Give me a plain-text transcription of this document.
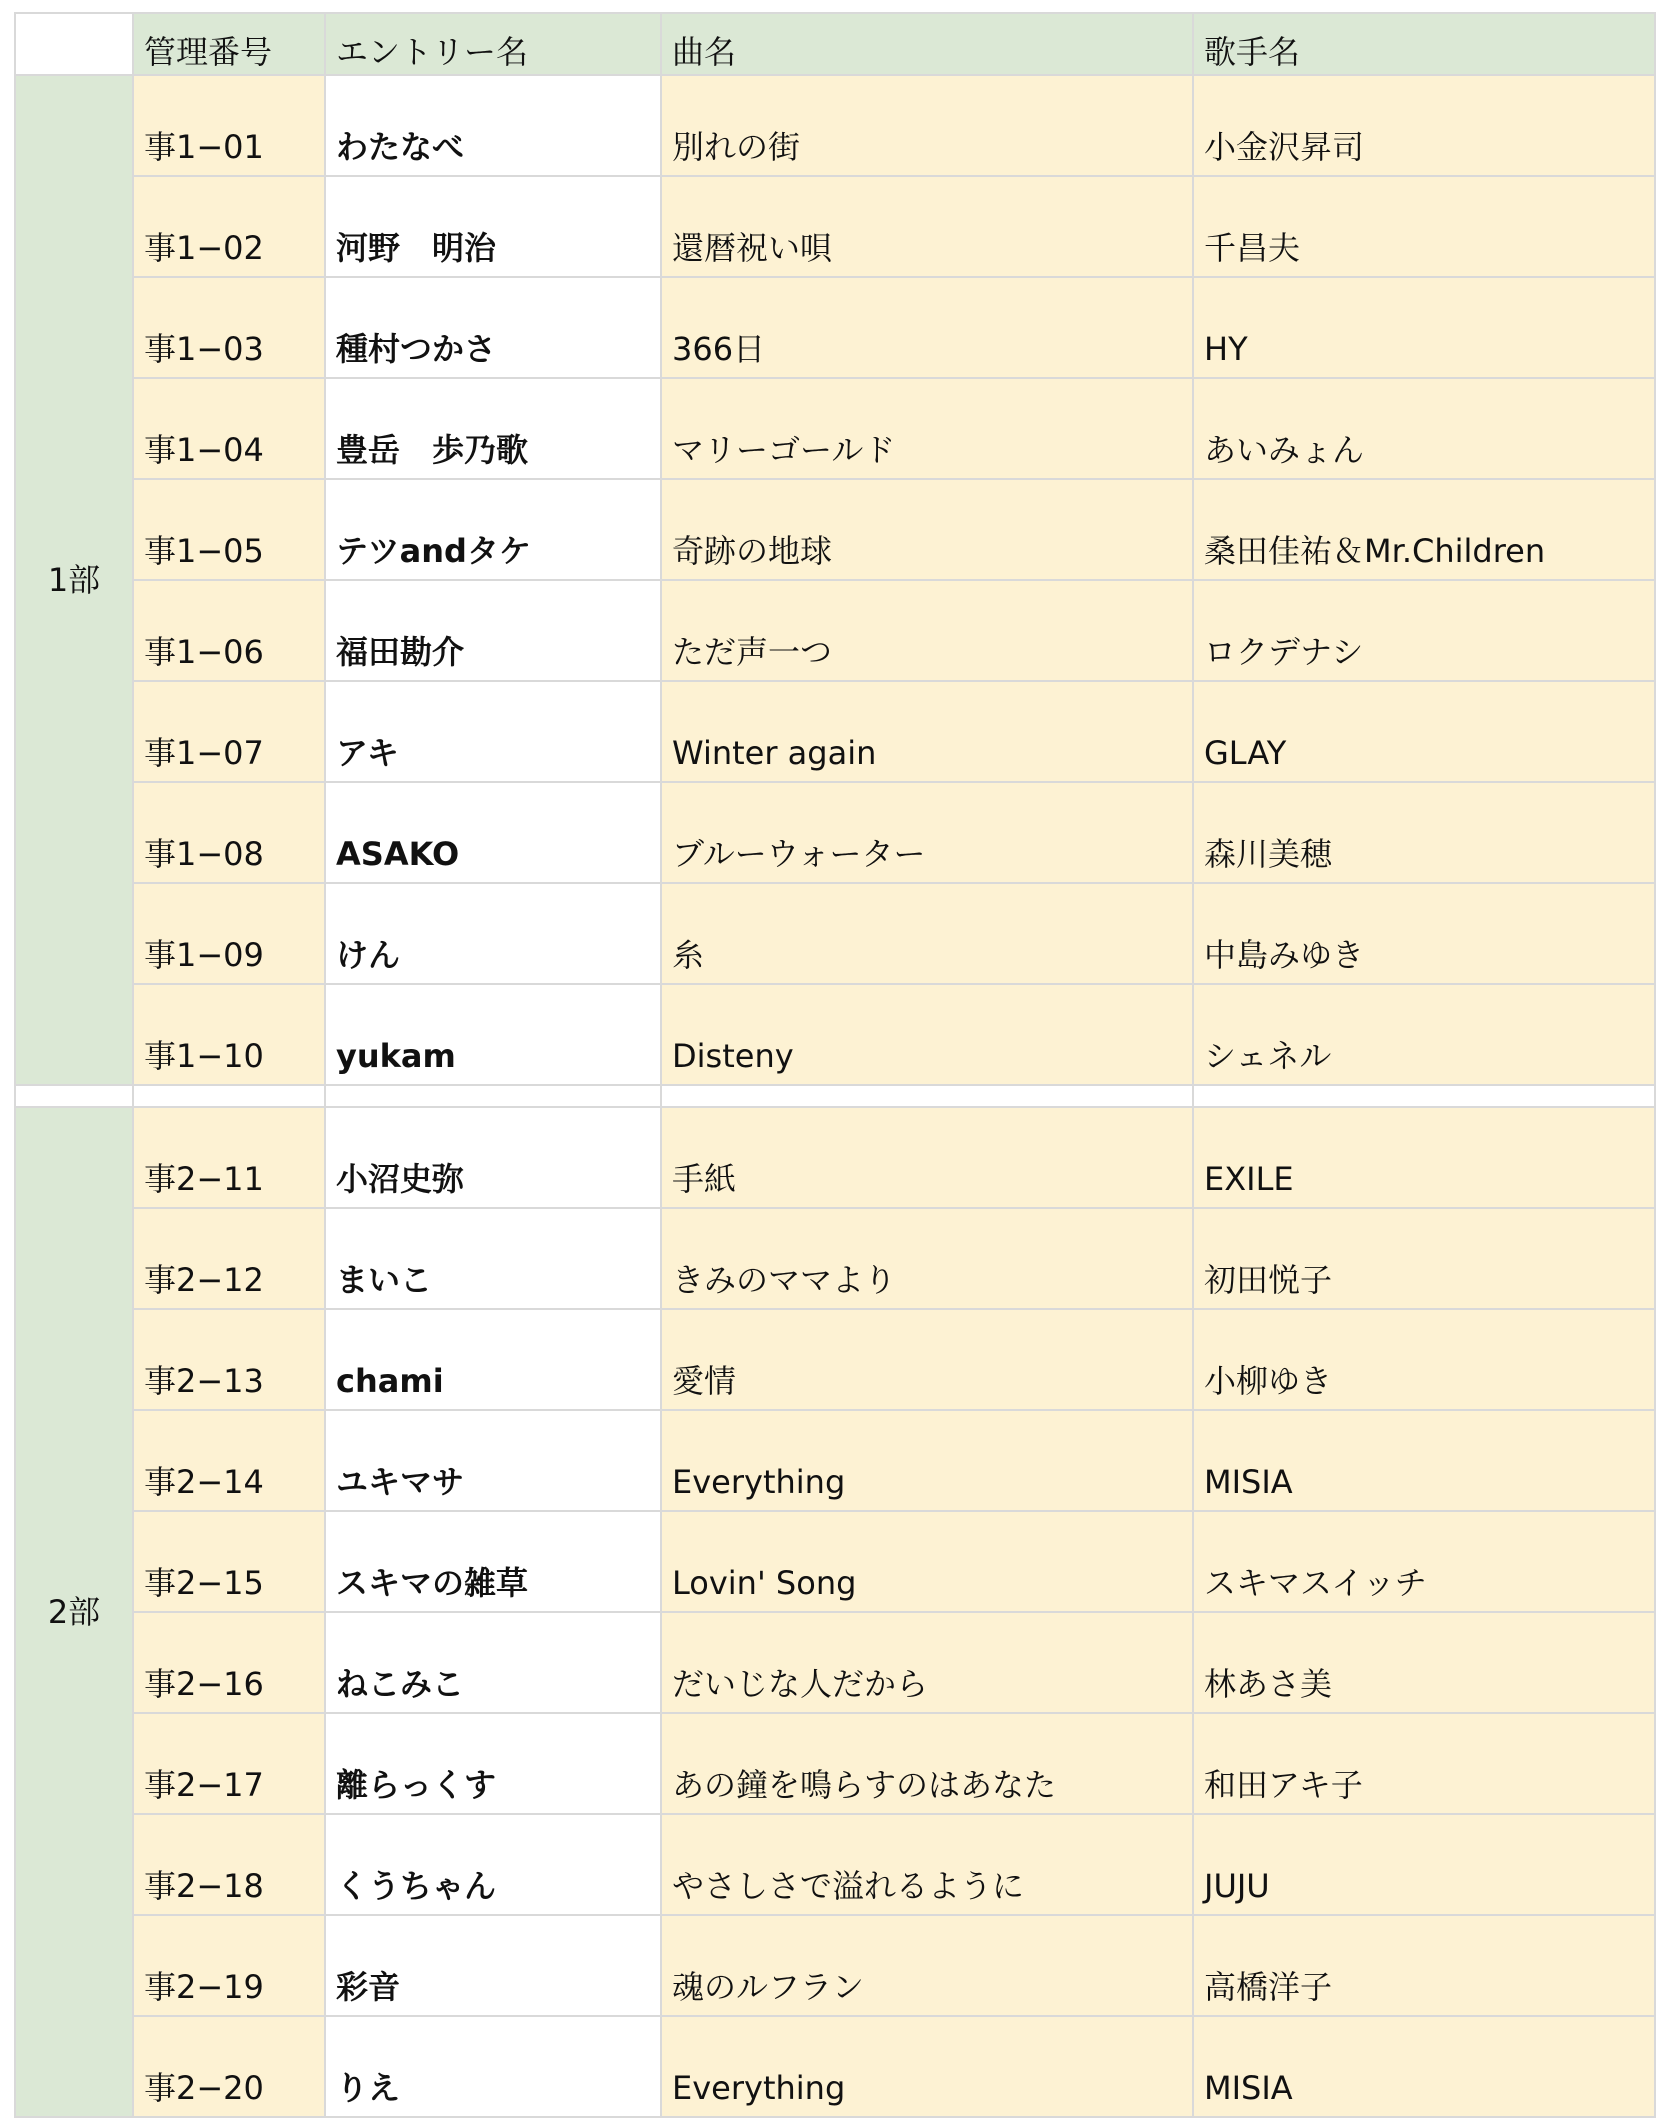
	管理番号	エントリー名	曲名	歌手名
1部	事1−01	わたなべ	別れの街	小金沢昇司
	事1−02	河野　明治	還暦祝い唄	千昌夫
	事1−03	種村つかさ	366日	HY
	事1−04	豊岳　歩乃歌	マリーゴールド	あいみょん
	事1−05	テツandタケ	奇跡の地球	桑田佳祐＆Mr.Children
	事1−06	福田勘介	ただ声一つ	ロクデナシ
	事1−07	アキ	Winter again	GLAY
	事1−08	ASAKO	ブルーウォーター	森川美穂
	事1−09	けん	糸	中島みゆき
	事1−10	yukam	Disteny	シェネル

2部	事2−11	小沼史弥	手紙	EXILE
	事2−12	まいこ	きみのママより	初田悦子
	事2−13	chami	愛情	小柳ゆき
	事2−14	ユキマサ	Everything	MISIA
	事2−15	スキマの雑草	Lovin' Song	スキマスイッチ
	事2−16	ねこみこ	だいじな人だから	林あさ美
	事2−17	離らっくす	あの鐘を鳴らすのはあなた	和田アキ子
	事2−18	くうちゃん	やさしさで溢れるように	JUJU
	事2−19	彩音	魂のルフラン	高橋洋子
	事2−20	りえ	Everything	MISIA
